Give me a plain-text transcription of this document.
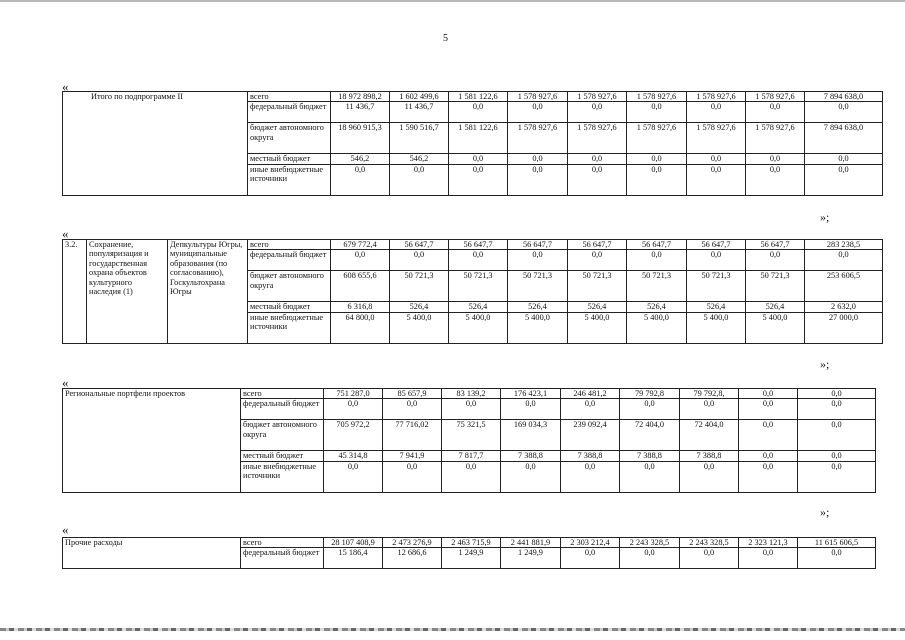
5
«
Итого по подпрограмме II	всего	18 972 898,2	1 602 499,6	1 581 122,6	1 578 927,6	1 578 927,6	1 578 927,6	1 578 927,6	1 578 927,6	7 894 638,0
	федеральный бюджет	11 436,7	11 436,7	0,0	0,0	0,0	0,0	0,0	0,0	0,0
	бюджет автономного округа	18 960 915,3	1 590 516,7	1 581 122,6	1 578 927,6	1 578 927,6	1 578 927,6	1 578 927,6	1 578 927,6	7 894 638,0
	местный бюджет	546,2	546,2	0,0	0,0	0,0	0,0	0,0	0,0	0,0
	иные внебюджетные источники	0,0	0,0	0,0	0,0	0,0	0,0	0,0	0,0	0,0
»;
«
3.2.	Сохранение, популяризация и государственная охрана объектов культурного наследия (1)	Депкультуры Югры, муниципальные образования (по согласованию), Госкультохрана Югры	всего	679 772,4	56 647,7	56 647,7	56 647,7	56 647,7	56 647,7	56 647,7	56 647,7	283 238,5
			федеральный бюджет	0,0	0,0	0,0	0,0	0,0	0,0	0,0	0,0	0,0
			бюджет автономного округа	608 655,6	50 721,3	50 721,3	50 721,3	50 721,3	50 721,3	50 721,3	50 721,3	253 606,5
			местный бюджет	6 316,8	526,4	526,4	526,4	526,4	526,4	526,4	526,4	2 632,0
			иные внебюджетные источники	64 800,0	5 400,0	5 400,0	5 400,0	5 400,0	5 400,0	5 400,0	5 400,0	27 000,0
»;
«
Региональные портфели проектов	всего	751 287,0	85 657,9	83 139,2	176 423,1	246 481,2	79 792,8	79 792,8,	0,0	0,0
	федеральный бюджет	0,0	0,0	0,0	0,0	0,0	0,0	0,0	0,0	0,0
	бюджет автономного округа	705 972,2	77 716,02	75 321,5	169 034,3	239 092,4	72 404,0	72 404,0	0,0	0,0
	местный бюджет	45 314,8	7 941,9	7 817,7	7 388,8	7 388,8	7 388,8	7 388,8	0,0	0,0
	иные внебюджетные источники	0,0	0,0	0,0	0,0	0,0	0,0	0,0	0,0	0,0
»;
«
Прочие расходы	всего	28 107 408,9	2 473 276,9	2 463 715,9	2 441 881,9	2 303 212,4	2 243 328,5	2 243 328,5	2 323 121,3	11 615 606,5
	федеральный бюджет	15 186,4	12 686,6	1 249,9	1 249,9	0,0	0,0	0,0	0,0	0,0
